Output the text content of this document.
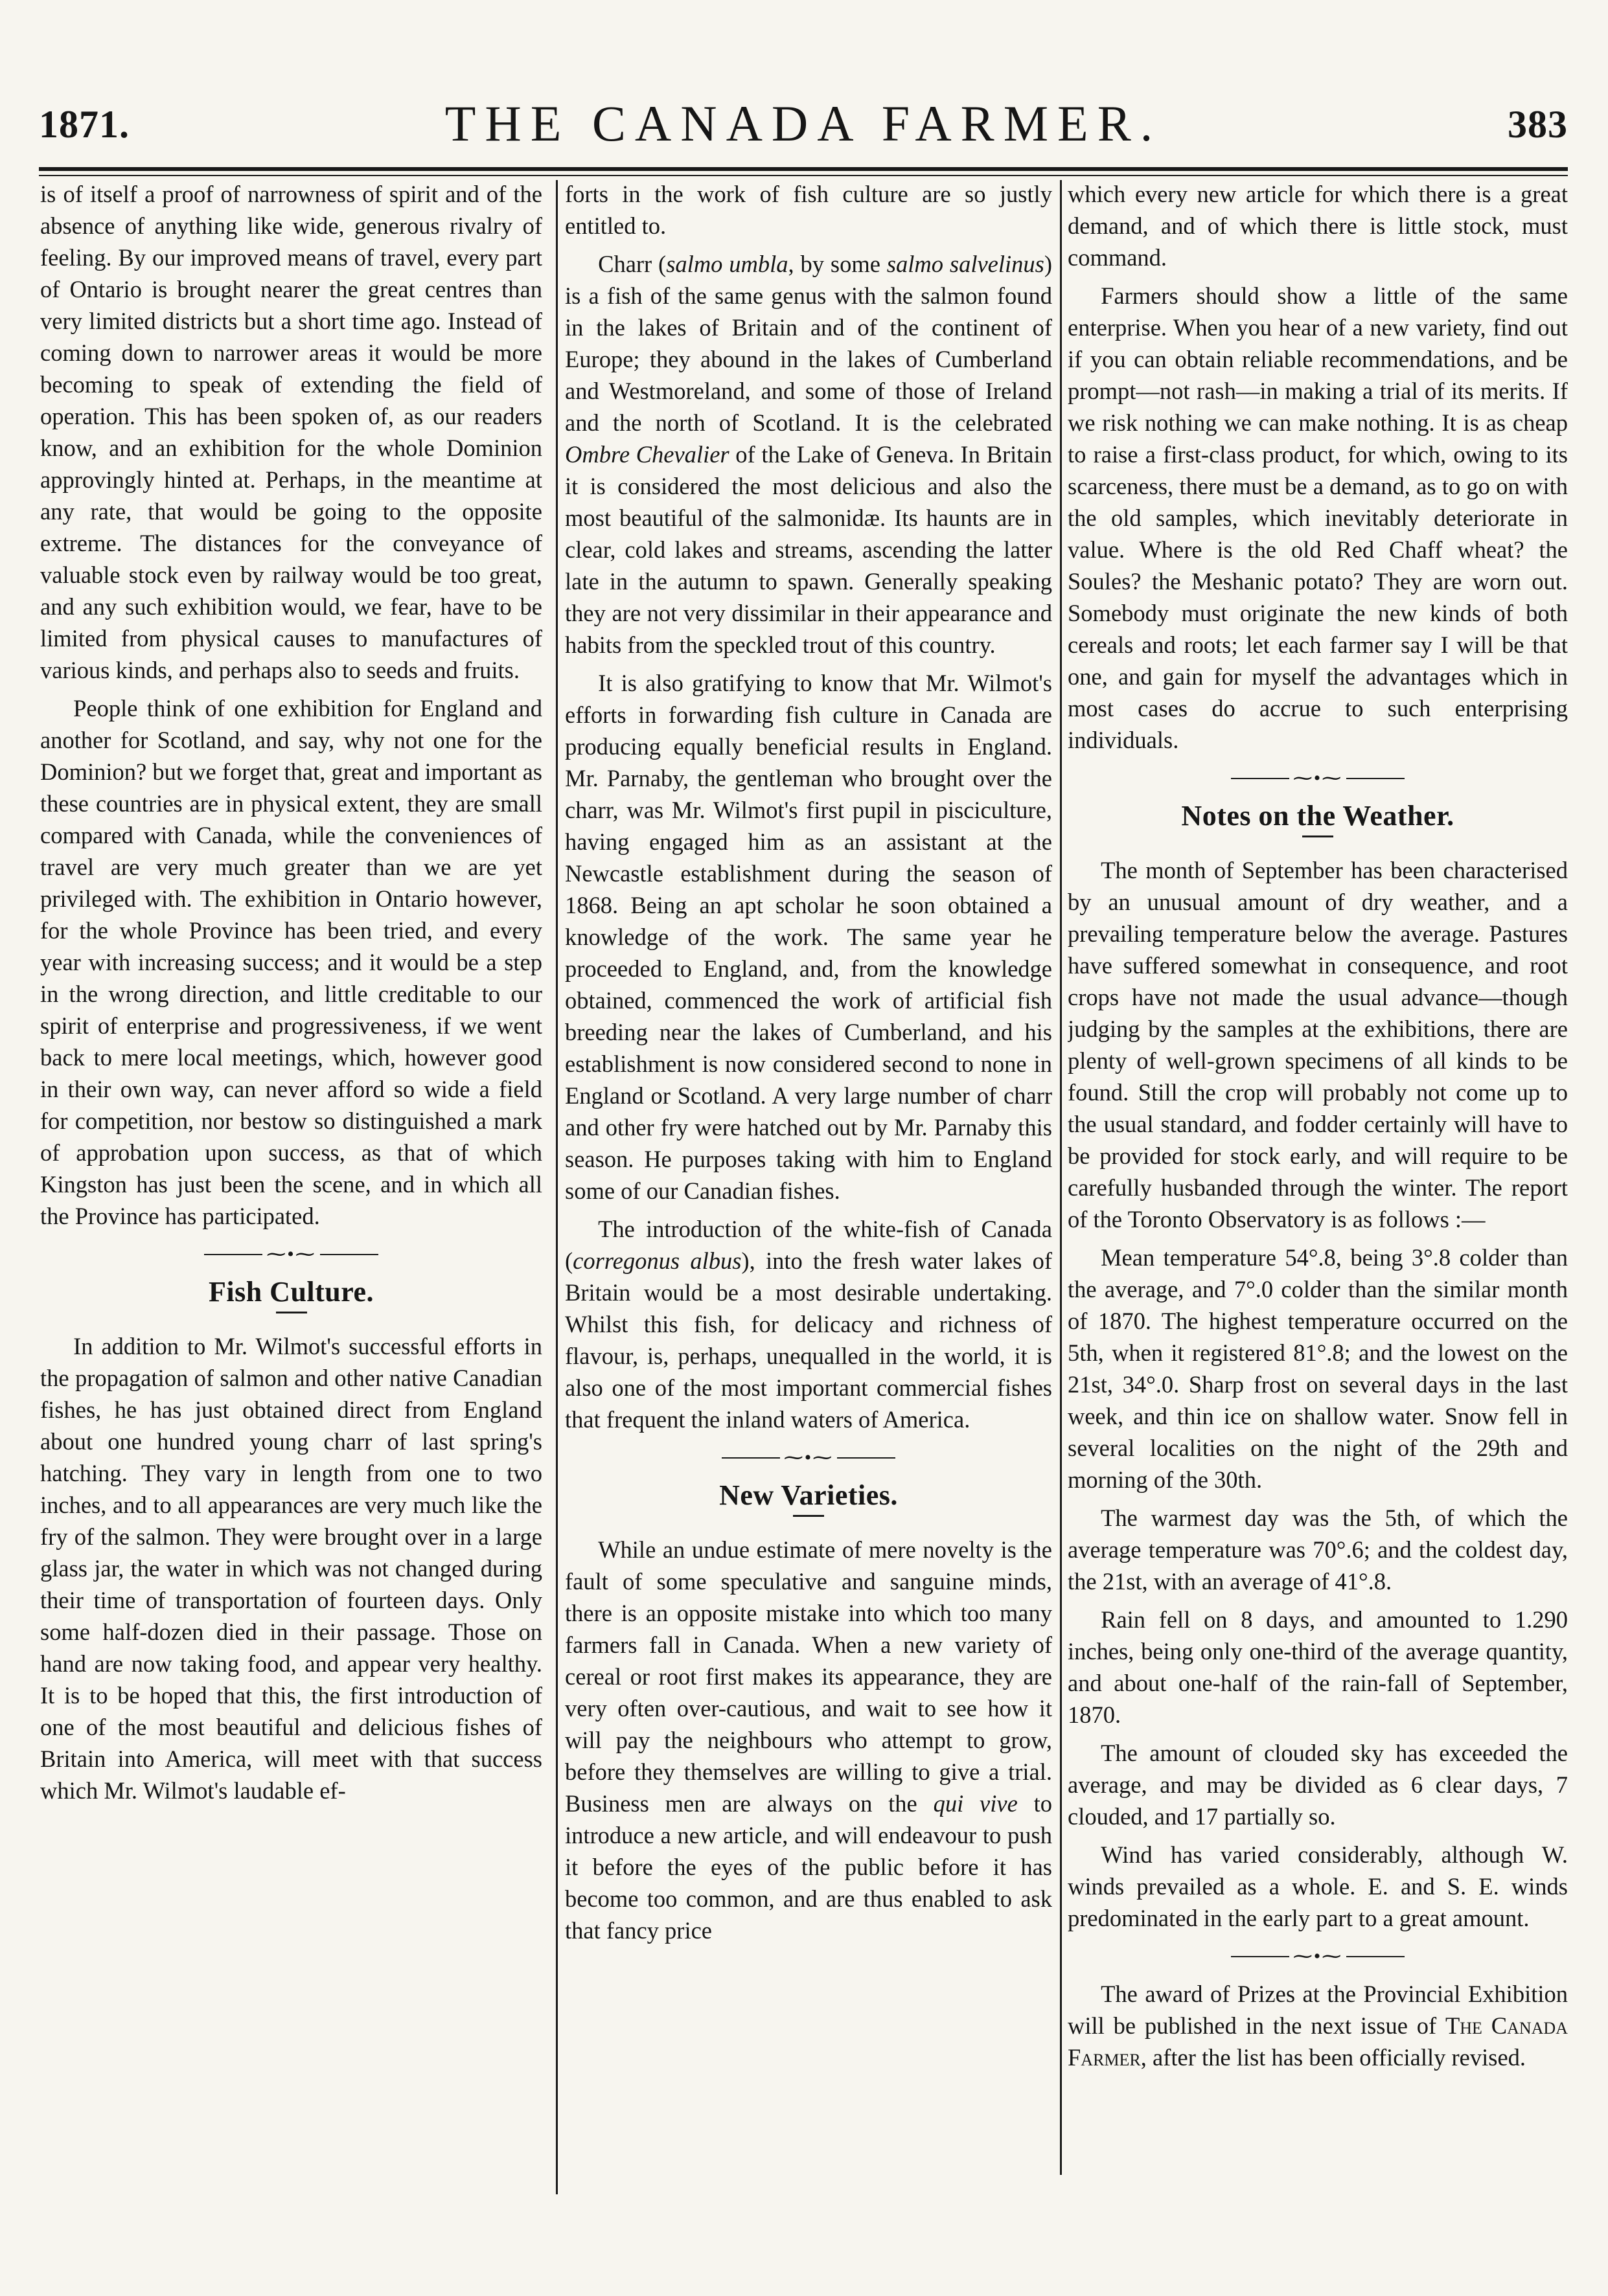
1871.	THE CANADA FARMER.	383

is of itself a proof of narrowness of spirit and of the absence of anything like wide, generous rivalry of feeling. By our improved means of travel, every part of Ontario is brought nearer the great centres than very limited districts but a short time ago. Instead of coming down to narrower areas it would be more becoming to speak of extending the field of operation. This has been spoken of, as our readers know, and an exhibition for the whole Dominion approvingly hinted at. Perhaps, in the meantime at any rate, that would be going to the opposite extreme. The distances for the conveyance of valuable stock even by railway would be too great, and any such exhibition would, we fear, have to be limited from physical causes to manufactures of various kinds, and perhaps also to seeds and fruits.

People think of one exhibition for England and another for Scotland, and say, why not one for the Dominion? but we forget that, great and important as these countries are in physical extent, they are small compared with Canada, while the conveniences of travel are very much greater than we are yet privileged with. The exhibition in Ontario however, for the whole Province has been tried, and every year with increasing success; and it would be a step in the wrong direction, and little creditable to our spirit of enterprise and progressiveness, if we went back to mere local meetings, which, however good in their own way, can never afford so wide a field for competition, nor bestow so distinguished a mark of approbation upon success, as that of which Kingston has just been the scene, and in which all the Province has participated.

⁓•⁓
Fish Culture.

In addition to Mr. Wilmot's successful efforts in the propagation of salmon and other native Canadian fishes, he has just obtained direct from England about one hundred young charr of last spring's hatching. They vary in length from one to two inches, and to all appearances are very much like the fry of the salmon. They were brought over in a large glass jar, the water in which was not changed during their time of transportation of fourteen days. Only some half-dozen died in their passage. Those on hand are now taking food, and appear very healthy. It is to be hoped that this, the first introduction of one of the most beautiful and delicious fishes of Britain into America, will meet with that success which Mr. Wilmot's laudable ef-

forts in the work of fish culture are so justly entitled to.

Charr (salmo umbla, by some salmo salvelinus) is a fish of the same genus with the salmon found in the lakes of Britain and of the continent of Europe; they abound in the lakes of Cumberland and Westmoreland, and some of those of Ireland and the north of Scotland. It is the celebrated Ombre Chevalier of the Lake of Geneva. In Britain it is considered the most delicious and also the most beautiful of the salmonidæ. Its haunts are in clear, cold lakes and streams, ascending the latter late in the autumn to spawn. Generally speaking they are not very dissimilar in their appearance and habits from the speckled trout of this country.

It is also gratifying to know that Mr. Wilmot's efforts in forwarding fish culture in Canada are producing equally beneficial results in England. Mr. Parnaby, the gentleman who brought over the charr, was Mr. Wilmot's first pupil in pisciculture, having engaged him as an assistant at the Newcastle establishment during the season of 1868. Being an apt scholar he soon obtained a knowledge of the work. The same year he proceeded to England, and, from the knowledge obtained, commenced the work of artificial fish breeding near the lakes of Cumberland, and his establishment is now considered second to none in England or Scotland. A very large number of charr and other fry were hatched out by Mr. Parnaby this season. He purposes taking with him to England some of our Canadian fishes.

The introduction of the white-fish of Canada (corregonus albus), into the fresh water lakes of Britain would be a most desirable undertaking. Whilst this fish, for delicacy and richness of flavour, is, perhaps, unequalled in the world, it is also one of the most important commercial fishes that frequent the inland waters of America.

⁓•⁓
New Varieties.

While an undue estimate of mere novelty is the fault of some speculative and sanguine minds, there is an opposite mistake into which too many farmers fall in Canada. When a new variety of cereal or root first makes its appearance, they are very often over-cautious, and wait to see how it will pay the neighbours who attempt to grow, before they themselves are willing to give a trial. Business men are always on the qui vive to introduce a new article, and will endeavour to push it before the eyes of the public before it has become too common, and are thus enabled to ask that fancy price

which every new article for which there is a great demand, and of which there is little stock, must command.

Farmers should show a little of the same enterprise. When you hear of a new variety, find out if you can obtain reliable recommendations, and be prompt—not rash—in making a trial of its merits. If we risk nothing we can make nothing. It is as cheap to raise a first-class product, for which, owing to its scarceness, there must be a demand, as to go on with the old samples, which inevitably deteriorate in value. Where is the old Red Chaff wheat? the Soules? the Meshanic potato? They are worn out. Somebody must originate the new kinds of both cereals and roots; let each farmer say I will be that one, and gain for myself the advantages which in most cases do accrue to such enterprising individuals.

⁓•⁓
Notes on the Weather.

The month of September has been characterised by an unusual amount of dry weather, and a prevailing temperature below the average. Pastures have suffered somewhat in consequence, and root crops have not made the usual advance—though judging by the samples at the exhibitions, there are plenty of well-grown specimens of all kinds to be found. Still the crop will probably not come up to the usual standard, and fodder certainly will have to be provided for stock early, and will require to be carefully husbanded through the winter. The report of the Toronto Observatory is as follows :—

Mean temperature 54°.8, being 3°.8 colder than the average, and 7°.0 colder than the similar month of 1870. The highest temperature occurred on the 5th, when it registered 81°.8; and the lowest on the 21st, 34°.0. Sharp frost on several days in the last week, and thin ice on shallow water. Snow fell in several localities on the night of the 29th and morning of the 30th.

The warmest day was the 5th, of which the average temperature was 70°.6; and the coldest day, the 21st, with an average of 41°.8.

Rain fell on 8 days, and amounted to 1.290 inches, being only one-third of the average quantity, and about one-half of the rain-fall of September, 1870.

The amount of clouded sky has exceeded the average, and may be divided as 6 clear days, 7 clouded, and 17 partially so.

Wind has varied considerably, although W. winds prevailed as a whole. E. and S. E. winds predominated in the early part to a great amount.

⁓•⁓

The award of Prizes at the Provincial Exhibition will be published in the next issue of The Canada Farmer, after the list has been officially revised.
